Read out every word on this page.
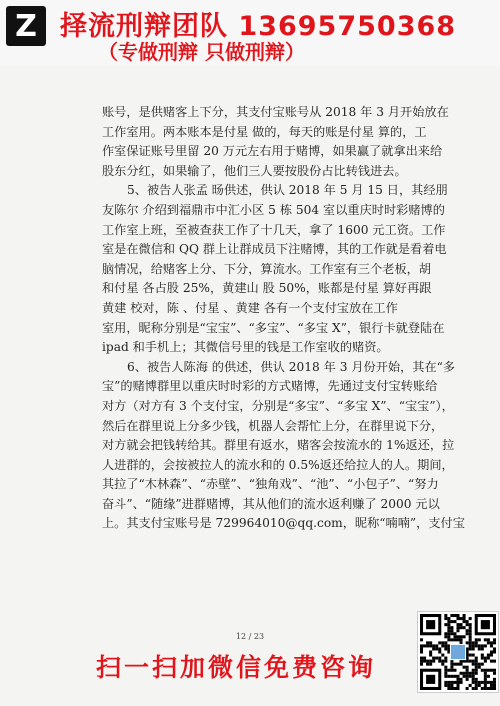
Z 择流刑辩团队 13695750368
（专做刑辩 只做刑辩）
账号，是供赌客上下分，其支付宝账号从 2018 年 3 月开始放在
工作室用。两本账本是付星 做的，每天的账是付星 算的，工
作室保证账号里留 20 万元左右用于赌博，如果赢了就拿出来给
股东分红，如果输了，他们三人要按股份占比转钱进去。
5、被告人张孟 旸供述，供认 2018 年 5 月 15 日，其经朋
友陈尔 介绍到福鼎市中汇小区 5 栋 504 室以重庆时时彩赌博的
工作室上班，至被查获工作了十几天，拿了 1600 元工资。工作
室是在微信和 QQ 群上让群成员下注赌博，其的工作就是看着电
脑情况，给赌客上分、下分，算流水。工作室有三个老板，胡
和付星 各占股 25%，黄建山 股 50%，账都是付星 算好再跟
黄建 校对，陈 、付星 、黄建 各有一个支付宝放在工作
室用，昵称分别是“宝宝”、“多宝”、“多宝 X”，银行卡就登陆在
ipad 和手机上；其微信号里的钱是工作室收的赌资。
6、被告人陈海 的供述，供认 2018 年 3 月份开始，其在“多
宝”的赌博群里以重庆时时彩的方式赌博，先通过支付宝转账给
对方（对方有 3 个支付宝，分别是“多宝”、“多宝 X”、“宝宝”），
然后在群里说上分多少钱，机器人会帮忙上分，在群里说下分，
对方就会把钱转给其。群里有返水，赌客会按流水的 1%返还，拉
人进群的，会按被拉人的流水和的 0.5%返还给拉人的人。期间，
其拉了“木林森”、“赤壁”、“独角戏”、“池”、“小包子”、“努力
奋斗”、“随缘”进群赌博，其从他们的流水返利赚了 2000 元以
上。其支付宝账号是 729964010@qq.com，昵称“喃喃”，支付宝
12 / 23
扫一扫加微信免费咨询
